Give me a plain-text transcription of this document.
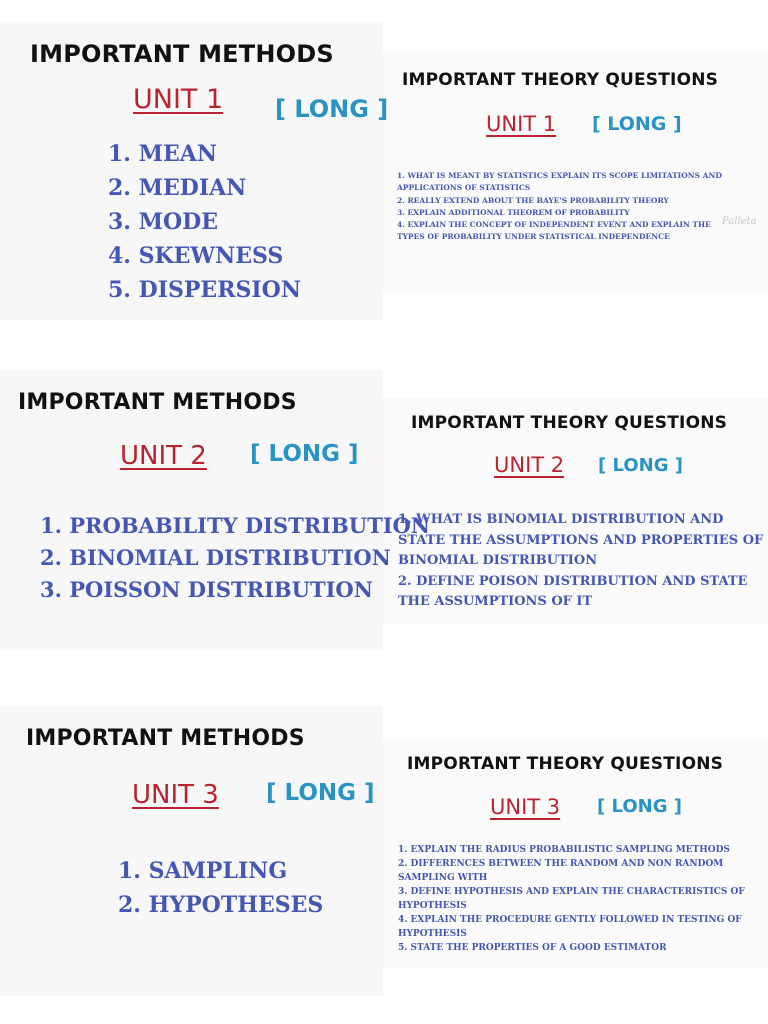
IMPORTANT METHODS
UNIT 1 [ LONG ]
1. MEAN
2. MEDIAN
3. MODE
4. SKEWNESS
5. DISPERSION
IMPORTANT THEORY QUESTIONS
UNIT 1 [ LONG ]
1. WHAT IS MEANT BY STATISTICS EXPLAIN ITS SCOPE LIMITATIONS AND APPLICATIONS OF STATISTICS
2. REALLY EXTEND ABOUT THE BAYE'S PROBABILITY THEORY
3. EXPLAIN ADDITIONAL THEOREM OF PROBABILITY
4. EXPLAIN THE CONCEPT OF INDEPENDENT EVENT AND EXPLAIN THE TYPES OF PROBABILITY UNDER STATISTICAL INDEPENDENCE
Palleta
IMPORTANT METHODS
UNIT 2 [ LONG ]
1. PROBABILITY DISTRIBUTION
2. BINOMIAL DISTRIBUTION
3. POISSON DISTRIBUTION
IMPORTANT THEORY QUESTIONS
UNIT 2 [ LONG ]
1. WHAT IS BINOMIAL DISTRIBUTION AND STATE THE ASSUMPTIONS AND PROPERTIES OF BINOMIAL DISTRIBUTION
2. DEFINE POISON DISTRIBUTION AND STATE THE ASSUMPTIONS OF IT
IMPORTANT METHODS
UNIT 3 [ LONG ]
1. SAMPLING
2. HYPOTHESES
IMPORTANT THEORY QUESTIONS
UNIT 3 [ LONG ]
1. EXPLAIN THE RADIUS PROBABILISTIC SAMPLING METHODS
2. DIFFERENCES BETWEEN THE RANDOM AND NON RANDOM SAMPLING WITH
3. DEFINE HYPOTHESIS AND EXPLAIN THE CHARACTERISTICS OF HYPOTHESIS
4. EXPLAIN THE PROCEDURE GENTLY FOLLOWED IN TESTING OF HYPOTHESIS
5. STATE THE PROPERTIES OF A GOOD ESTIMATOR
